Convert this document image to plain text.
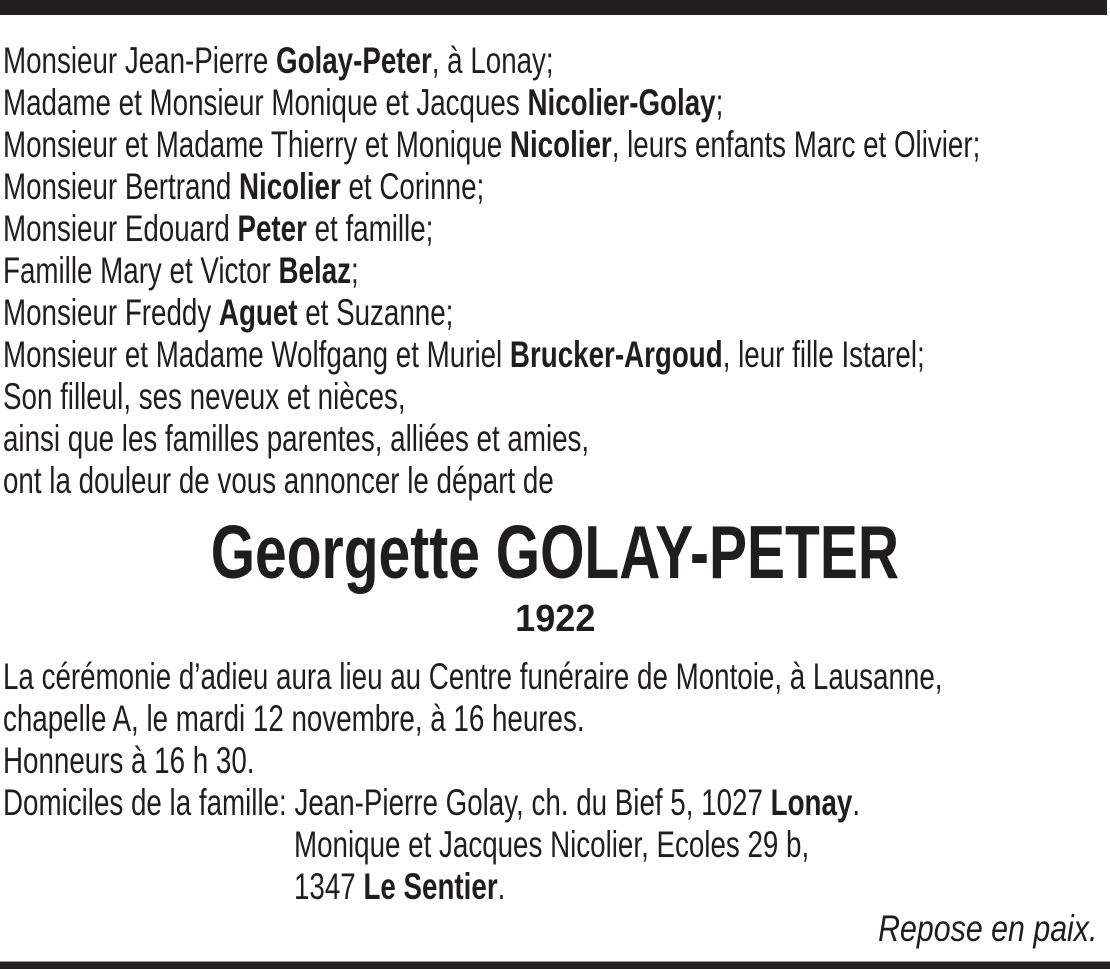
Monsieur Jean-Pierre Golay-Peter, à Lonay;
Madame et Monsieur Monique et Jacques Nicolier-Golay;
Monsieur et Madame Thierry et Monique Nicolier, leurs enfants Marc et Olivier;
Monsieur Bertrand Nicolier et Corinne;
Monsieur Edouard Peter et famille;
Famille Mary et Victor Belaz;
Monsieur Freddy Aguet et Suzanne;
Monsieur et Madame Wolfgang et Muriel Brucker-Argoud, leur fille Istarel;
Son filleul, ses neveux et nièces,
ainsi que les familles parentes, alliées et amies,
ont la douleur de vous annoncer le départ de
Georgette GOLAY-PETER
1922
La cérémonie d’adieu aura lieu au Centre funéraire de Montoie, à Lausanne,
chapelle A, le mardi 12 novembre, à 16 heures.
Honneurs à 16 h 30.
Domiciles de la famille: Jean-Pierre Golay, ch. du Bief 5, 1027 Lonay.
Monique et Jacques Nicolier, Ecoles 29 b,
1347 Le Sentier.
Repose en paix.
